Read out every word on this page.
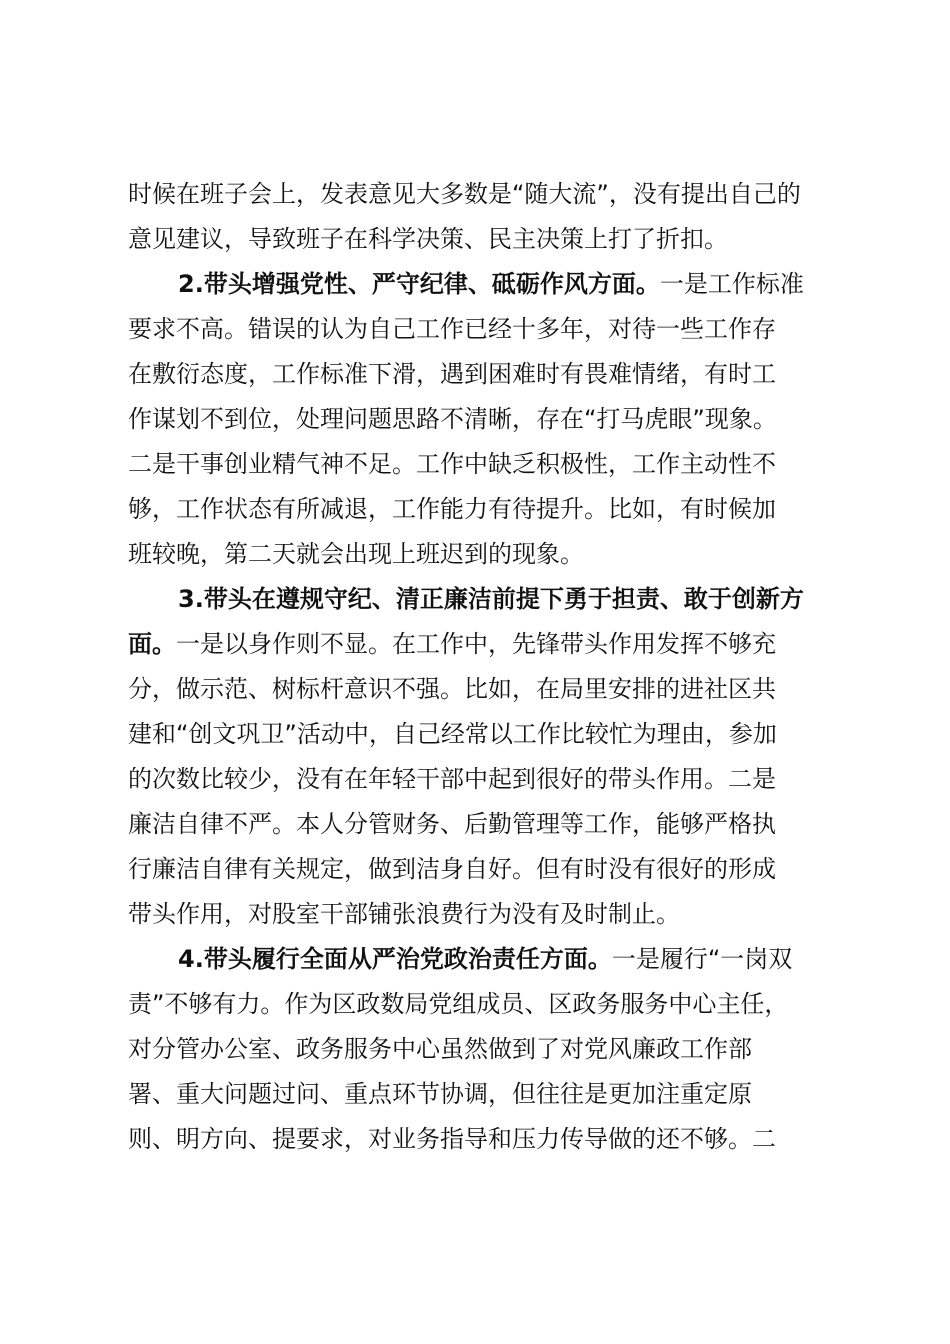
时候在班子会上，发表意见大多数是“随大流”，没有提出自己的
意见建议，导致班子在科学决策、民主决策上打了折扣。
2.带头增强党性、严守纪律、砥砺作风方面。一是工作标准
要求不高。错误的认为自己工作已经十多年，对待一些工作存
在敷衍态度，工作标准下滑，遇到困难时有畏难情绪，有时工
作谋划不到位，处理问题思路不清晰，存在“打马虎眼”现象。
二是干事创业精气神不足。工作中缺乏积极性，工作主动性不
够，工作状态有所减退，工作能力有待提升。比如，有时候加
班较晚，第二天就会出现上班迟到的现象。
3.带头在遵规守纪、清正廉洁前提下勇于担责、敢于创新方
面。一是以身作则不显。在工作中，先锋带头作用发挥不够充
分，做示范、树标杆意识不强。比如，在局里安排的进社区共
建和“创文巩卫”活动中，自己经常以工作比较忙为理由，参加
的次数比较少，没有在年轻干部中起到很好的带头作用。二是
廉洁自律不严。本人分管财务、后勤管理等工作，能够严格执
行廉洁自律有关规定，做到洁身自好。但有时没有很好的形成
带头作用，对股室干部铺张浪费行为没有及时制止。
4.带头履行全面从严治党政治责任方面。一是履行“一岗双
责”不够有力。作为区政数局党组成员、区政务服务中心主任，
对分管办公室、政务服务中心虽然做到了对党风廉政工作部
署、重大问题过问、重点环节协调，但往往是更加注重定原
则、明方向、提要求，对业务指导和压力传导做的还不够。二
